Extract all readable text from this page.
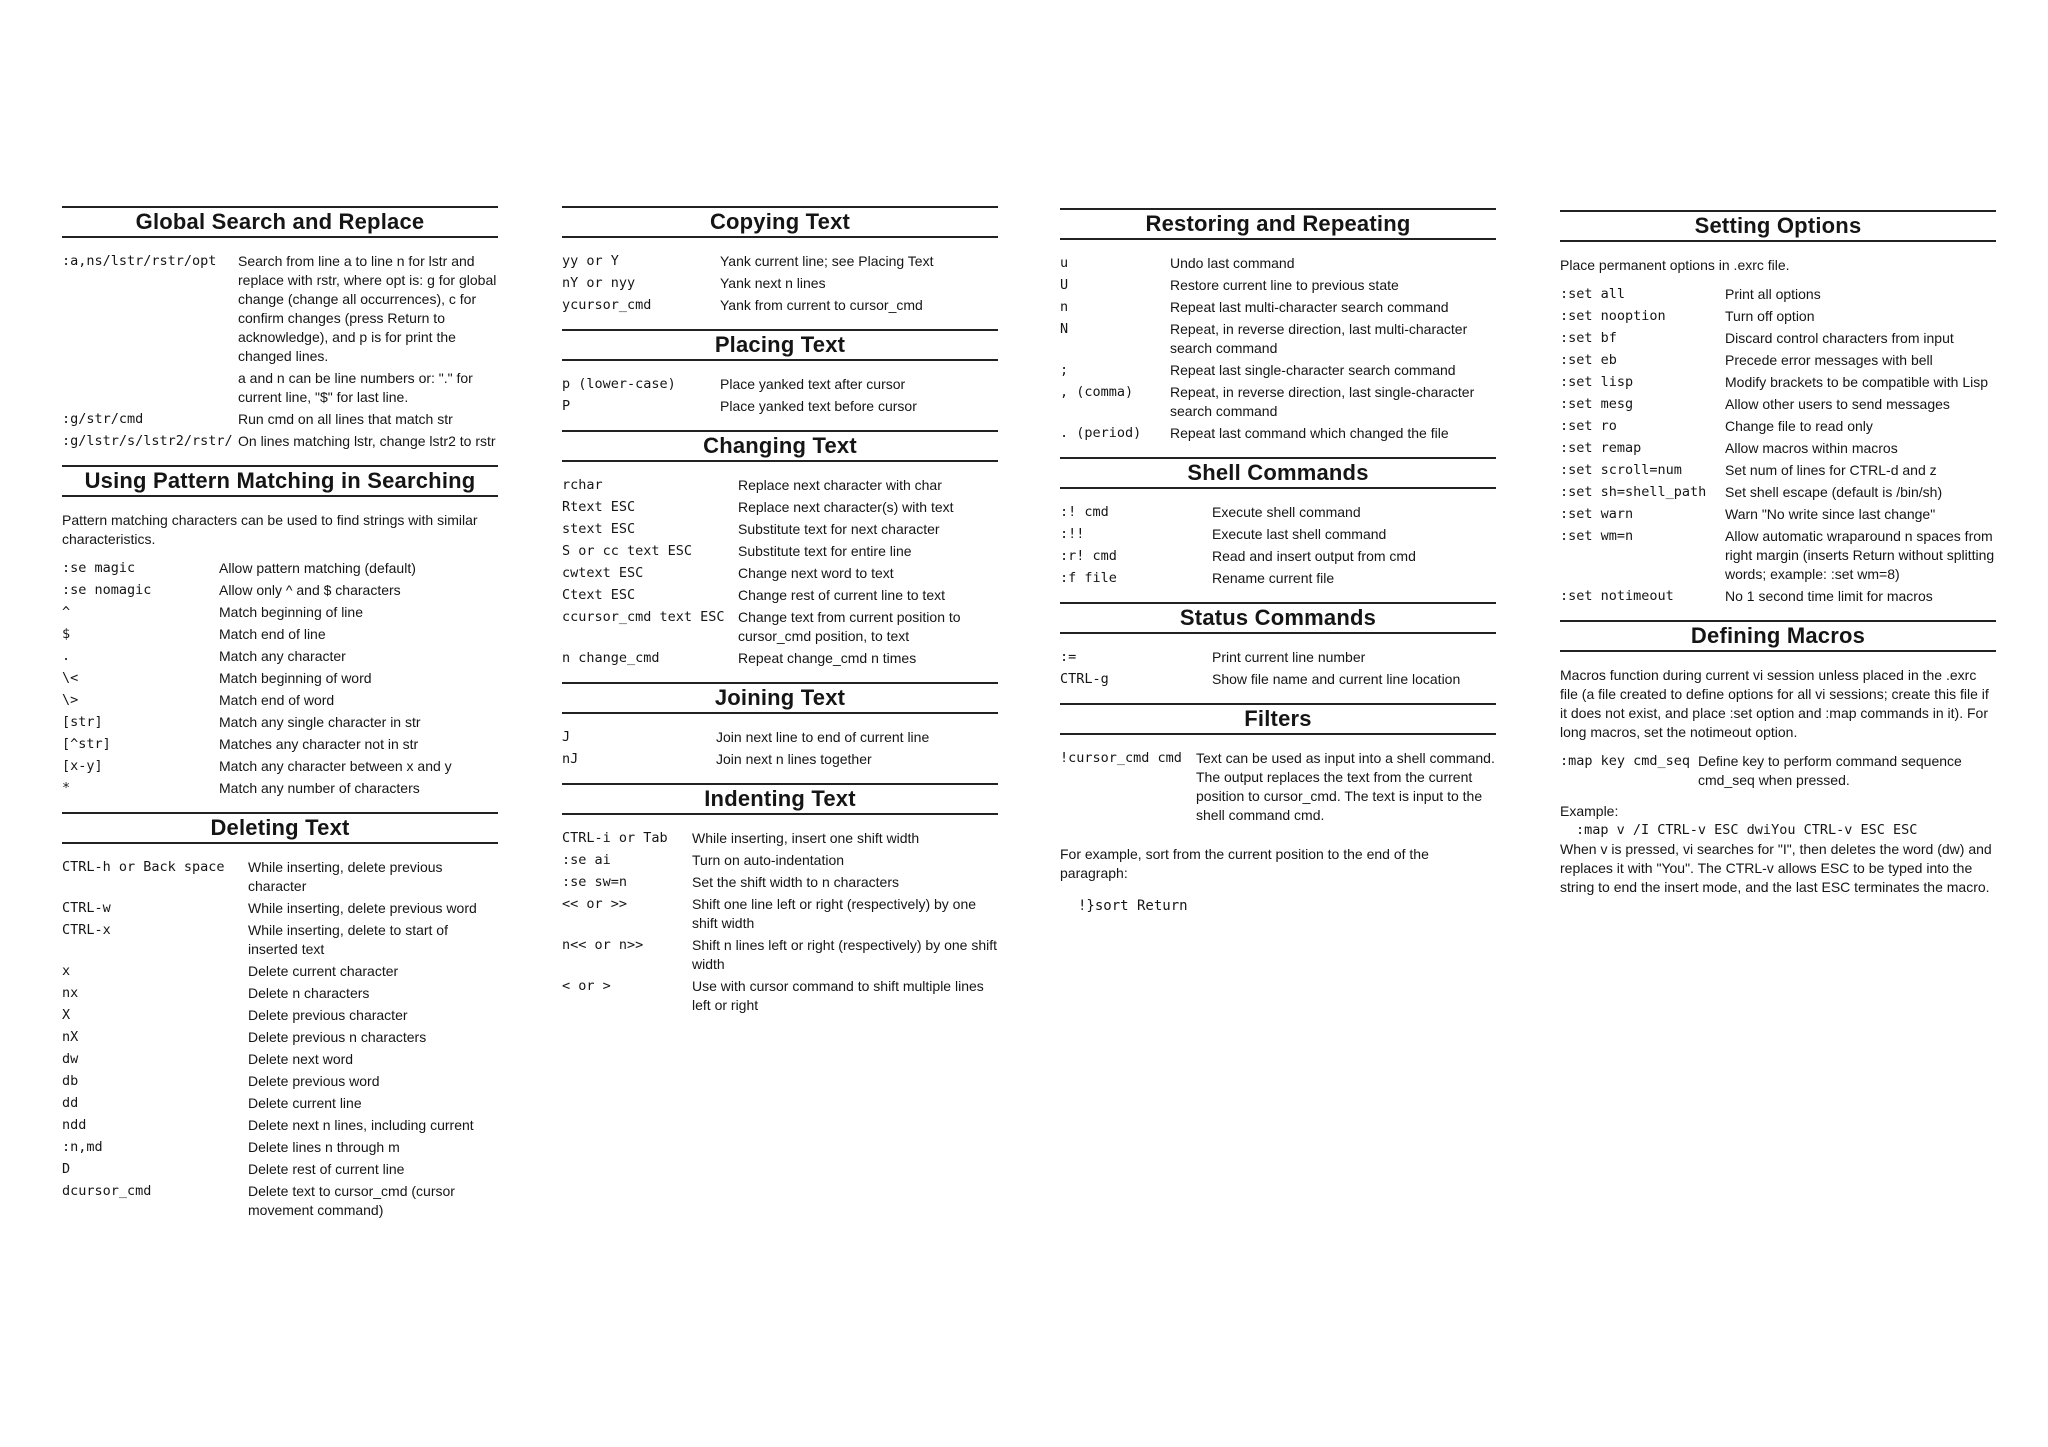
Global Search and Replace
:a,ns/lstr/rstr/opt	Search from line a to line n for lstr and replace with rstr, where opt is: g for global change (change all occurrences), c for confirm changes (press Return to acknowledge), and p is for print the changed lines.
a and n can be line numbers or: "." for current line, "$" for last line.
:g/str/cmd	Run cmd on all lines that match str
:g/lstr/s/lstr2/rstr/ On lines matching lstr, change lstr2 to rstr
Using Pattern Matching in Searching

Pattern matching characters can be used to find strings with similar characteristics.

:se magic	Allow pattern matching (default)
:se nomagic	Allow only ^ and $ characters
^	Match beginning of line
$	Match end of line
.	Match any character
\<	Match beginning of word
\>	Match end of word
[str]	Match any single character in str
[^str]	Matches any character not in str
[x-y]	Match any character between x and y
*	Match any number of characters
Deleting Text
CTRL-h or Back space	While inserting, delete previous character
CTRL-w	While inserting, delete previous word
CTRL-x	While inserting, delete to start of inserted text
x	Delete current character
nx	Delete n characters
X	Delete previous character
nX	Delete previous n characters
dw	Delete next word
db	Delete previous word
dd	Delete current line
ndd	Delete next n lines, including current
:n,md	Delete lines n through m
D	Delete rest of current line
dcursor_cmd	Delete text to cursor_cmd (cursor movement command)
Copying Text
yy or Y	Yank current line; see Placing Text
nY or nyy	Yank next n lines
ycursor_cmd	Yank from current to cursor_cmd
Placing Text
p (lower-case)	Place yanked text after cursor
P	Place yanked text before cursor
Changing Text
rchar	Replace next character with char
Rtext ESC	Replace next character(s) with text
stext ESC	Substitute text for next character
S or cc text ESC	Substitute text for entire line
cwtext ESC	Change next word to text
Ctext ESC	Change rest of current line to text
ccursor_cmd text ESC Change text from current position to cursor_cmd position, to text
n change_cmd	Repeat change_cmd n times
Joining Text
J	Join next line to end of current line
nJ	Join next n lines together
Indenting Text
CTRL-i or Tab	While inserting, insert one shift width
:se ai	Turn on auto-indentation
:se sw=n	Set the shift width to n characters
<< or >>	Shift one line left or right (respectively) by one shift width
n<< or n>>	Shift n lines left or right (respectively) by one shift width
< or >	Use with cursor command to shift multiple lines left or right
Restoring and Repeating
u	Undo last command
U	Restore current line to previous state
n	Repeat last multi-character search command
N	Repeat, in reverse direction, last multi-character search command
;	Repeat last single-character search command
, (comma)	Repeat, in reverse direction, last single-character search command
. (period)	Repeat last command which changed the file
Shell Commands
:! cmd	Execute shell command
:!!	Execute last shell command
:r! cmd	Read and insert output from cmd
:f file	Rename current file
Status Commands
:=	Print current line number
CTRL-g	Show file name and current line location
Filters
!cursor_cmd cmd	Text can be used as input into a shell command. The output replaces the text from the current position to cursor_cmd. The text is input to the shell command cmd.

For example, sort from the current position to the end of the paragraph:

!}sort Return
Setting Options

Place permanent options in .exrc file.

:set all	Print all options
:set nooption	Turn off option
:set bf	Discard control characters from input
:set eb	Precede error messages with bell
:set lisp	Modify brackets to be compatible with Lisp
:set mesg	Allow other users to send messages
:set ro	Change file to read only
:set remap	Allow macros within macros
:set scroll=num	Set num of lines for CTRL-d and z
:set sh=shell_path	Set shell escape (default is /bin/sh)
:set warn	Warn "No write since last change"
:set wm=n	Allow automatic wraparound n spaces from right margin (inserts Return without splitting words; example: :set wm=8)
:set notimeout	No 1 second time limit for macros
Defining Macros

Macros function during current vi session unless placed in the .exrc file (a file created to define options for all vi sessions; create this file if it does not exist, and place :set option and :map commands in it). For long macros, set the notimeout option.

:map key cmd_seq Define key to perform command sequence cmd_seq when pressed.
Example:
:map v /I CTRL-v ESC dwiYou CTRL-v ESC ESC

When v is pressed, vi searches for "I", then deletes the word (dw) and replaces it with "You". The CTRL-v allows ESC to be typed into the string to end the insert mode, and the last ESC terminates the macro.
